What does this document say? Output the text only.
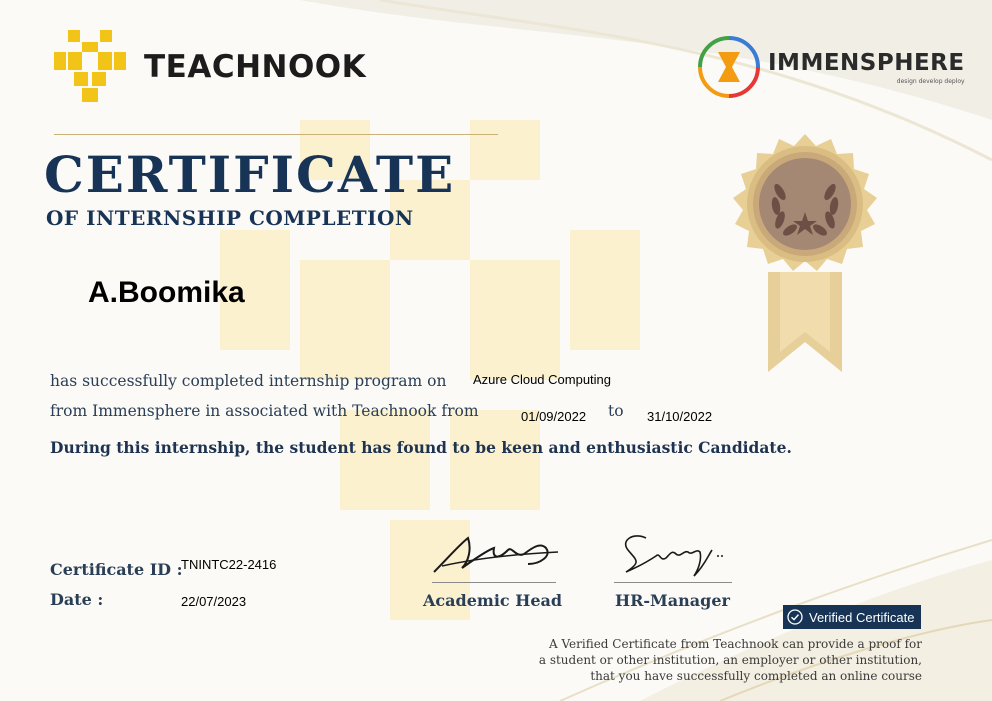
TEACHNOOK	IMMENSPHERE
design develop deploy
CERTIFICATE
OF INTERNSHIP COMPLETION
A.Boomika
has successfully completed internship program on Azure Cloud Computing
from Immensphere in associated with Teachnook from	01/09/2022 to 31/10/2022
During this internship, the student has found to be keen and enthusiastic Candidate.
Certificate ID :
TNINTC22-2416
Date :	22/07/2023	Academic Head	HR-Manager
Verified Certificate
A Verified Certificate from Teachnook can provide a proof for
a student or other institution, an employer or other institution,
that you have successfully completed an online course
